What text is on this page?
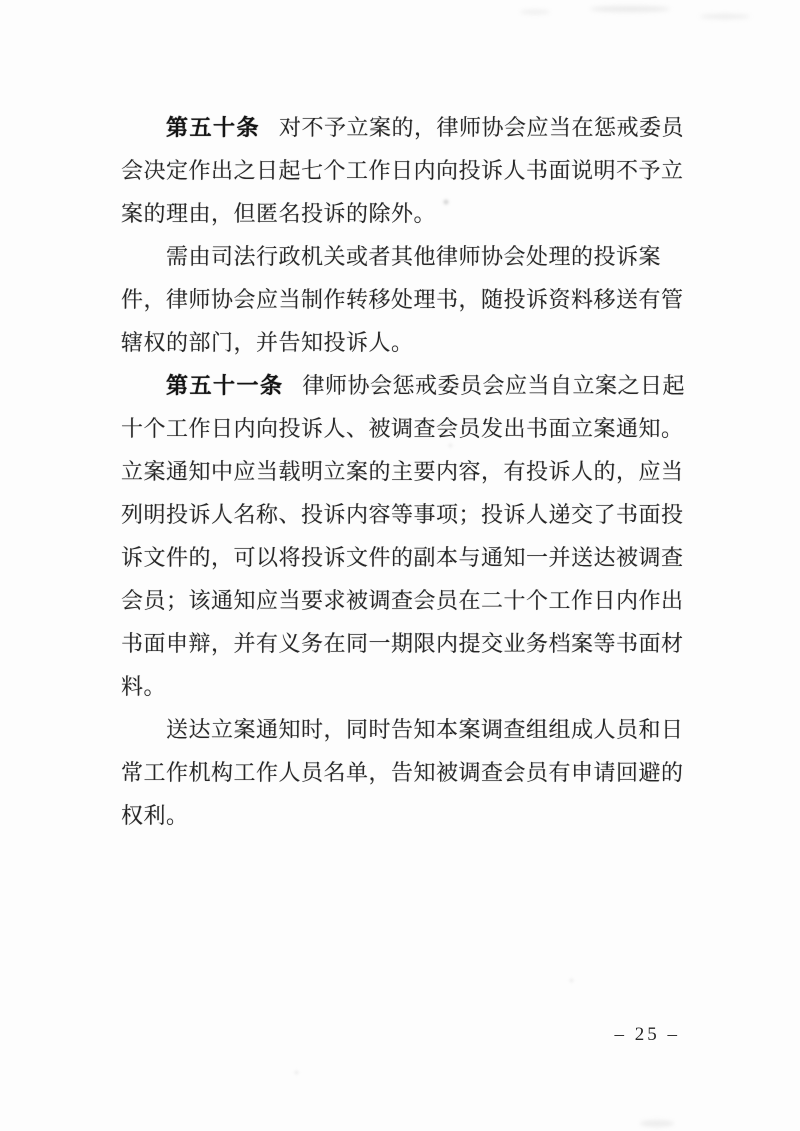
第五十条 对不予立案的，律师协会应当在惩戒委员
会决定作出之日起七个工作日内向投诉人书面说明不予立
案的理由，但匿名投诉的除外。
需由司法行政机关或者其他律师协会处理的投诉案
件，律师协会应当制作转移处理书，随投诉资料移送有管
辖权的部门，并告知投诉人。
第五十一条 律师协会惩戒委员会应当自立案之日起
十个工作日内向投诉人、被调查会员发出书面立案通知。
立案通知中应当载明立案的主要内容，有投诉人的，应当
列明投诉人名称、投诉内容等事项；投诉人递交了书面投
诉文件的，可以将投诉文件的副本与通知一并送达被调查
会员；该通知应当要求被调查会员在二十个工作日内作出
书面申辩，并有义务在同一期限内提交业务档案等书面材
料。
送达立案通知时，同时告知本案调查组组成人员和日
常工作机构工作人员名单，告知被调查会员有申请回避的
权利。
– 25 –
